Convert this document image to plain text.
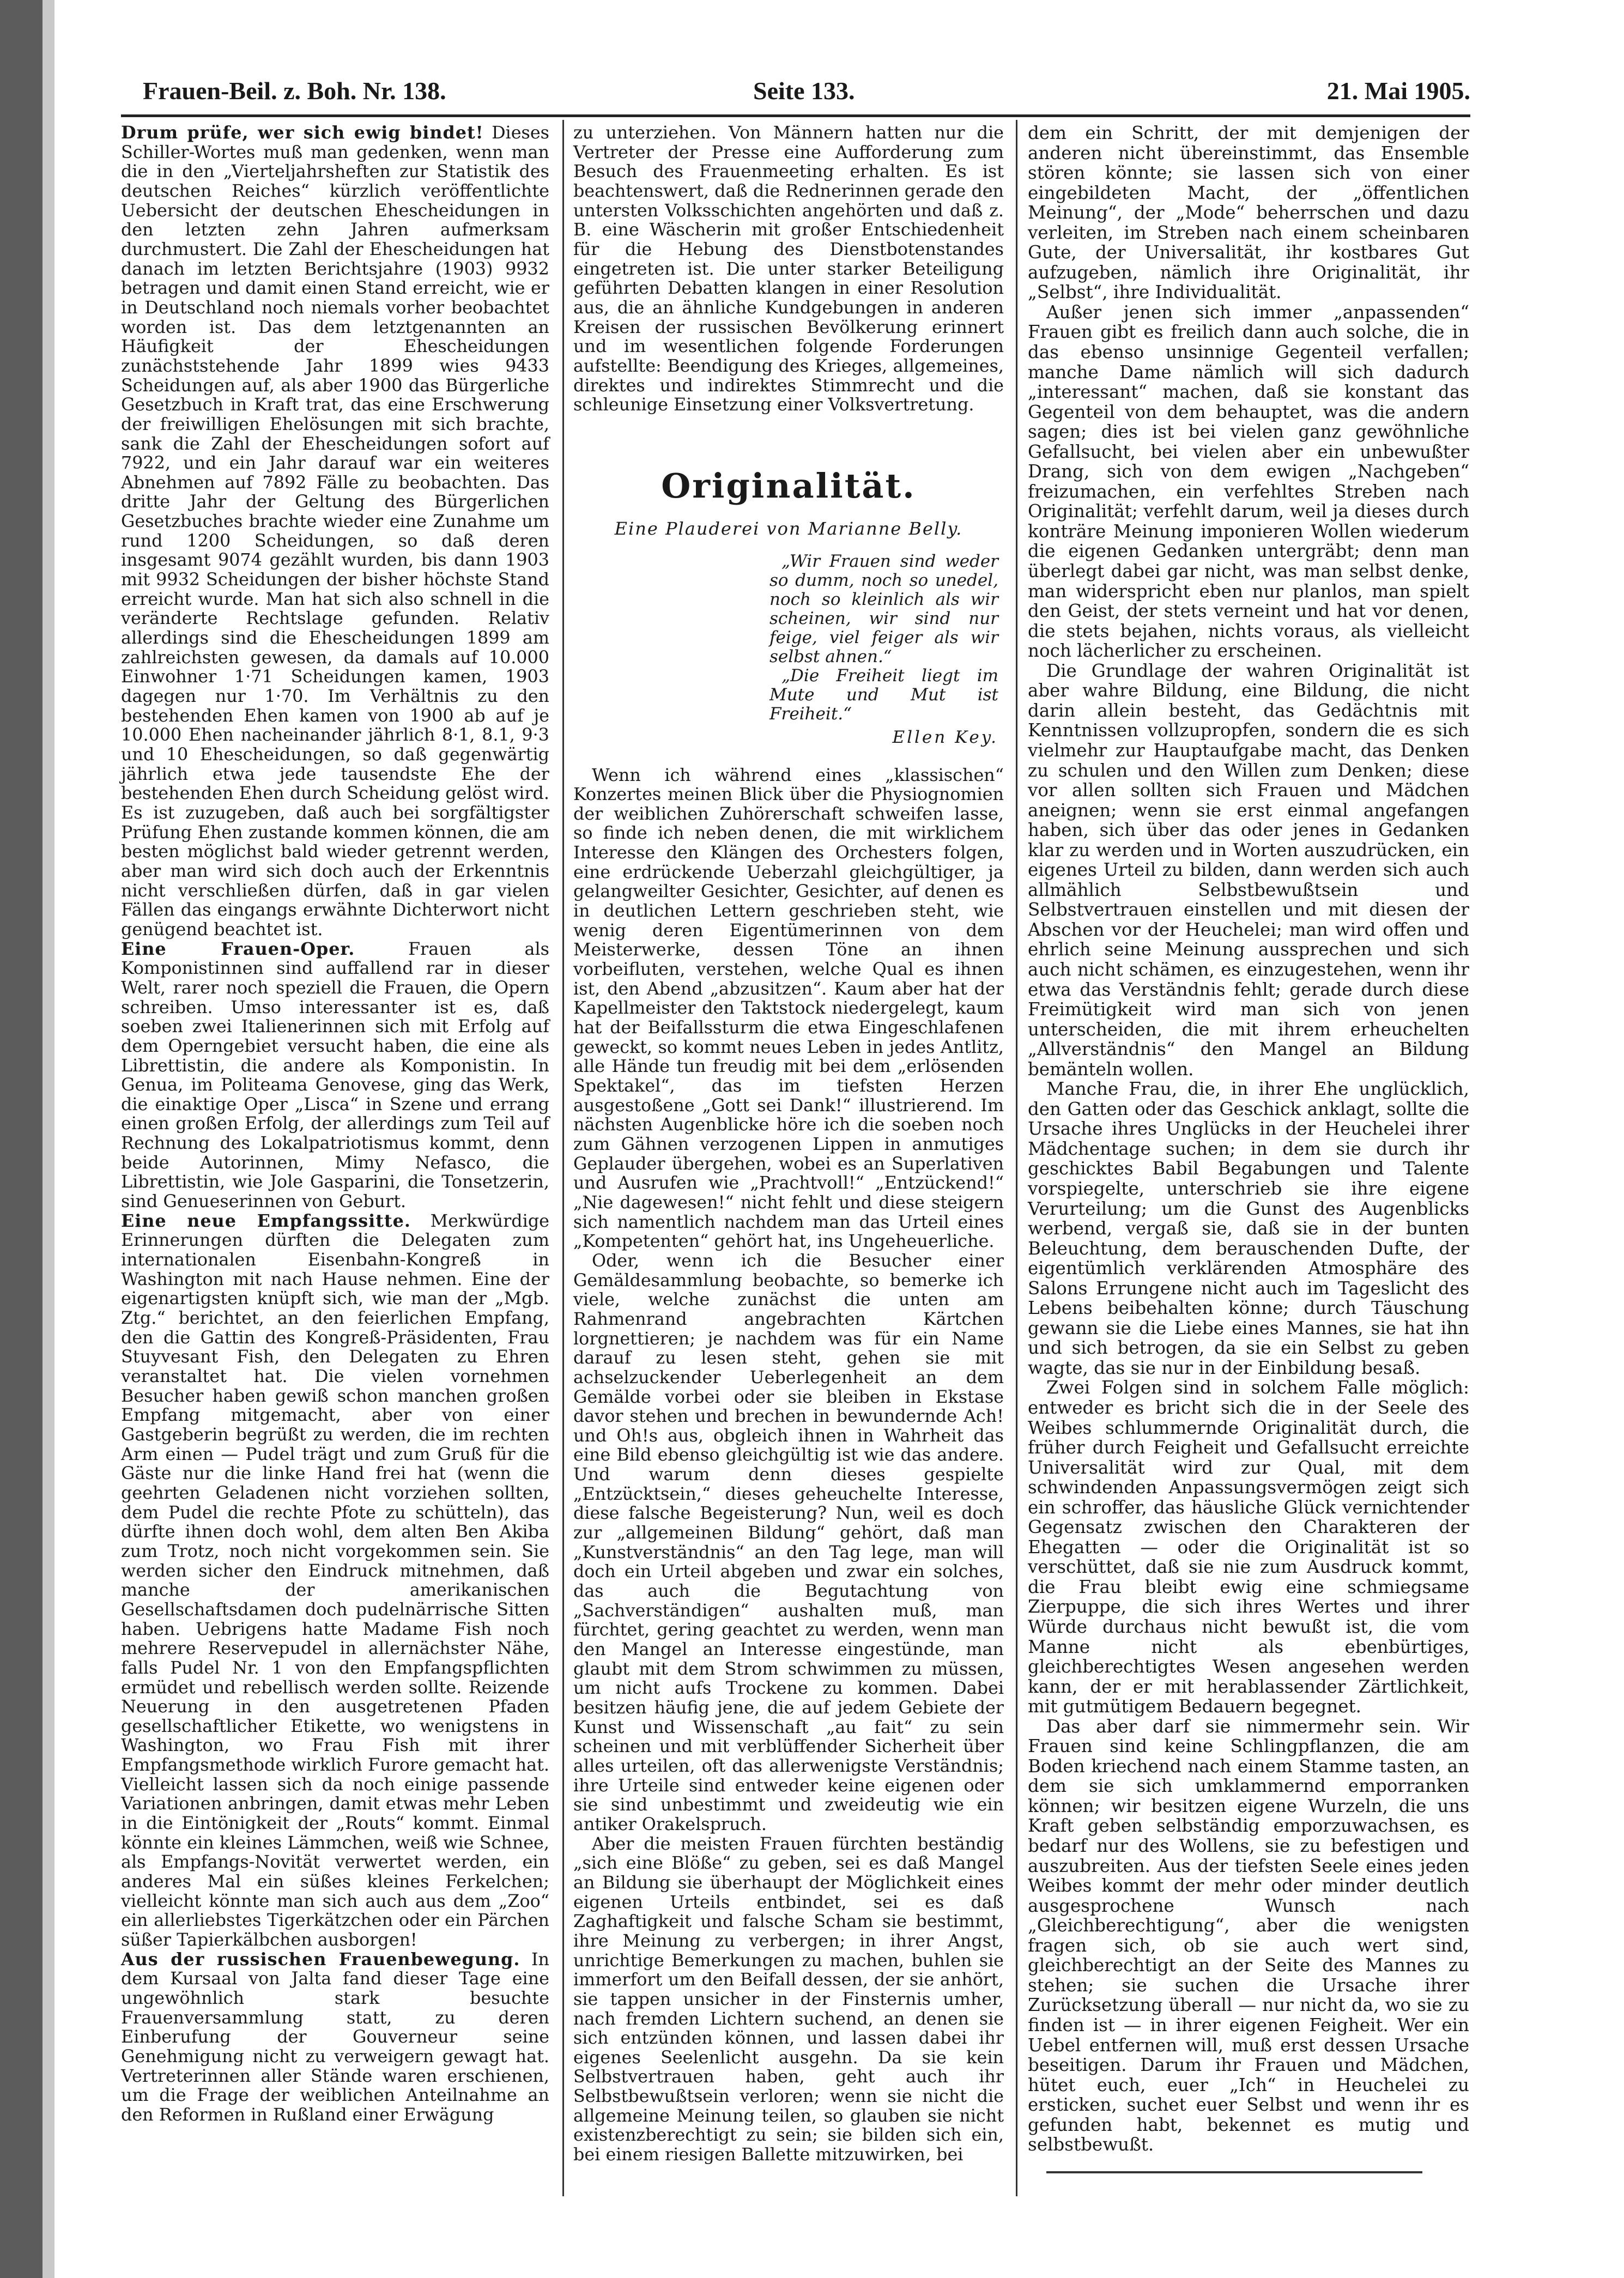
Frauen-Beil. z. Boh. Nr. 138.	Seite 133.	21. Mai 1905.

Drum prüfe, wer sich ewig bindet! Dieses Schiller-Wortes muß man gedenken, wenn man die in den „Vierteljahrsheften zur Statistik des deutschen Reiches“ kürzlich veröffentlichte Uebersicht der deutschen Ehescheidungen in den letzten zehn Jahren aufmerksam durchmustert. Die Zahl der Ehescheidungen hat danach im letzten Berichtsjahre (1903) 9932 betragen und damit einen Stand erreicht, wie er in Deutschland noch niemals vorher beobachtet worden ist. Das dem letztgenannten an Häufigkeit der Ehescheidungen zunächststehende Jahr 1899 wies 9433 Scheidungen auf, als aber 1900 das Bürgerliche Gesetzbuch in Kraft trat, das eine Erschwerung der freiwilligen Ehelösungen mit sich brachte, sank die Zahl der Ehescheidungen sofort auf 7922, und ein Jahr darauf war ein weiteres Abnehmen auf 7892 Fälle zu beobachten. Das dritte Jahr der Geltung des Bürgerlichen Gesetzbuches brachte wieder eine Zunahme um rund 1200 Scheidungen, so daß deren insgesamt 9074 gezählt wurden, bis dann 1903 mit 9932 Scheidungen der bisher höchste Stand erreicht wurde. Man hat sich also schnell in die veränderte Rechtslage gefunden. Relativ allerdings sind die Ehescheidungen 1899 am zahlreichsten gewesen, da damals auf 10.000 Einwohner 1·71 Scheidungen kamen, 1903 dagegen nur 1·70. Im Verhältnis zu den bestehenden Ehen kamen von 1900 ab auf je 10.000 Ehen nacheinander jährlich 8·1, 8.1, 9·3 und 10 Ehescheidungen, so daß gegenwärtig jährlich etwa jede tausendste Ehe der bestehenden Ehen durch Scheidung gelöst wird. Es ist zuzugeben, daß auch bei sorgfältigster Prüfung Ehen zustande kommen können, die am besten möglichst bald wieder getrennt werden, aber man wird sich doch auch der Erkenntnis nicht verschließen dürfen, daß in gar vielen Fällen das eingangs erwähnte Dichterwort nicht genügend beachtet ist.

Eine Frauen-Oper.	Frauen als Komponistinnen sind auffallend rar in dieser Welt, rarer noch speziell die Frauen, die Opern schreiben. Umso interessanter ist es, daß soeben zwei Italienerinnen sich mit Erfolg auf dem Operngebiet versucht haben, die eine als Librettistin, die andere als Komponistin. In Genua, im Politeama Genovese, ging das Werk, die einaktige Oper „Lisca“ in Szene und errang einen großen Erfolg, der allerdings zum Teil auf Rechnung des Lokalpatriotismus kommt, denn beide Autorinnen, Mimy Nefasco, die Librettistin, wie Jole Gasparini, die Tonsetzerin, sind Genueserinnen von Geburt.

Eine neue Empfangssitte. Merkwürdige Erinnerungen dürften die Delegaten zum internationalen Eisenbahn-Kongreß in Washington mit nach Hause nehmen. Eine der eigenartigsten knüpft sich, wie man der „Mgb. Ztg.“ berichtet, an den feierlichen Empfang, den die Gattin des Kongreß-Präsidenten, Frau Stuyvesant Fish, den Delegaten zu Ehren veranstaltet hat. Die vielen vornehmen Besucher haben gewiß schon manchen großen Empfang mitgemacht, aber von einer Gastgeberin begrüßt zu werden, die im rechten Arm einen — Pudel trägt und zum Gruß für die Gäste nur die linke Hand frei hat (wenn die geehrten Geladenen nicht vorziehen sollten, dem Pudel die rechte Pfote zu schütteln), das dürfte ihnen doch wohl, dem alten Ben Akiba zum Trotz, noch nicht vorgekommen sein. Sie werden sicher den Eindruck mitnehmen, daß manche der amerikanischen Gesellschaftsdamen doch pudelnärrische Sitten haben. Uebrigens hatte Madame Fish noch mehrere Reservepudel in allernächster Nähe, falls Pudel Nr. 1 von den Empfangspflichten ermüdet und rebellisch werden sollte. Reizende Neuerung in den ausgetretenen Pfaden gesellschaftlicher Etikette, wo wenigstens in Washington, wo Frau Fish mit ihrer Empfangsmethode wirklich Furore gemacht hat. Vielleicht lassen sich da noch einige passende Variationen anbringen, damit etwas mehr Leben in die Eintönigkeit der „Routs“ kommt. Einmal könnte ein kleines Lämmchen, weiß wie Schnee, als Empfangs-Novität verwertet werden, ein anderes Mal ein süßes kleines Ferkelchen; vielleicht könnte man sich auch aus dem „Zoo“ ein allerliebstes Tigerkätzchen oder ein Pärchen süßer Tapierkälbchen ausborgen!

Aus der russischen Frauenbewegung. In dem Kursaal von Jalta fand dieser Tage eine ungewöhnlich stark besuchte Frauenversammlung statt, zu deren Einberufung der Gouverneur seine Genehmigung nicht zu verweigern gewagt hat. Vertreterinnen aller Stände waren erschienen, um die Frage der weiblichen Anteilnahme an den Reformen in Rußland einer Erwägung

zu unterziehen. Von Männern hatten nur die Vertreter der Presse eine Aufforderung zum Besuch des Frauenmeeting erhalten. Es ist beachtenswert, daß die Rednerinnen gerade den untersten Volksschichten angehörten und daß z. B. eine Wäscherin mit großer Entschiedenheit für die Hebung des Dienstbotenstandes eingetreten ist. Die unter starker Beteiligung geführten Debatten klangen in einer Resolution aus, die an ähnliche Kundgebungen in anderen Kreisen der russischen Bevölkerung erinnert und im wesentlichen folgende Forderungen aufstellte: Beendigung des Krieges, allgemeines, direktes und indirektes Stimmrecht und die schleunige Einsetzung einer Volksvertretung.

Originalität.
Eine Plauderei von Marianne Belly.

„Wir Frauen sind weder so dumm, noch so unedel, noch so kleinlich als wir scheinen, wir sind nur feige, viel feiger als wir selbst ahnen.“

„Die Freiheit liegt im Mute und Mut ist Freiheit.“

Ellen Key.

Wenn ich während eines „klassischen“ Konzertes meinen Blick über die Physiognomien der weiblichen Zuhörerschaft schweifen lasse, so finde ich neben denen, die mit wirklichem Interesse den Klängen des Orchesters folgen, eine erdrückende Ueberzahl gleichgültiger, ja gelangweilter Gesichter, Gesichter, auf denen es in deutlichen Lettern geschrieben steht, wie wenig deren Eigentümerinnen von dem Meisterwerke, dessen Töne an ihnen vorbeifluten, verstehen, welche Qual es ihnen ist, den Abend „abzusitzen“. Kaum aber hat der Kapellmeister den Taktstock niedergelegt, kaum hat der Beifallssturm die etwa Eingeschlafenen geweckt, so kommt neues Leben in jedes Antlitz, alle Hände tun freudig mit bei dem „erlösenden Spektakel“, das im tiefsten Herzen ausgestoßene „Gott sei Dank!“ illustrierend. Im nächsten Augenblicke höre ich die soeben noch zum Gähnen verzogenen Lippen in anmutiges Geplauder übergehen, wobei es an Superlativen und Ausrufen wie „Prachtvoll!“ „Entzückend!“ „Nie dagewesen!“ nicht fehlt und diese steigern sich namentlich nachdem man das Urteil eines „Kompetenten“ gehört hat, ins Ungeheuerliche.

Oder, wenn ich die Besucher einer Gemäldesammlung beobachte, so bemerke ich viele, welche zunächst die unten am Rahmenrand angebrachten Kärtchen lorgnettieren; je nachdem was für ein Name darauf zu lesen steht, gehen sie mit achselzuckender Ueberlegenheit an dem Gemälde vorbei oder sie bleiben in Ekstase davor stehen und brechen in bewundernde Ach! und Oh!s aus, obgleich ihnen in Wahrheit das eine Bild ebenso gleichgültig ist wie das andere. Und warum denn dieses gespielte „Entzücktsein,“ dieses geheuchelte Interesse, diese falsche Begeisterung? Nun, weil es doch zur „allgemeinen Bildung“ gehört, daß man „Kunstverständnis“ an den Tag lege, man will doch ein Urteil abgeben und zwar ein solches, das auch die Begutachtung von „Sachverständigen“ aushalten muß, man fürchtet, gering geachtet zu werden, wenn man den Mangel an Interesse eingestünde, man glaubt mit dem Strom schwimmen zu müssen, um nicht aufs Trockene zu kommen. Dabei besitzen häufig jene, die auf jedem Gebiete der Kunst und Wissenschaft „au fait“ zu sein scheinen und mit verblüffender Sicherheit über alles urteilen, oft das allerwenigste Verständnis; ihre Urteile sind entweder keine eigenen oder sie sind unbestimmt und zweideutig wie ein antiker Orakelspruch.

Aber die meisten Frauen fürchten beständig „sich eine Blöße“ zu geben, sei es daß Mangel an Bildung sie überhaupt der Möglichkeit eines eigenen Urteils entbindet, sei es daß Zaghaftigkeit und falsche Scham sie bestimmt, ihre Meinung zu verbergen; in ihrer Angst, unrichtige Bemerkungen zu machen, buhlen sie immerfort um den Beifall dessen, der sie anhört, sie tappen unsicher in der Finsternis umher, nach fremden Lichtern suchend, an denen sie sich entzünden können, und lassen dabei ihr eigenes Seelenlicht ausgehn. Da sie kein Selbstvertrauen haben, geht auch ihr Selbstbewußtsein verloren; wenn sie nicht die allgemeine Meinung teilen, so glauben sie nicht existenzberechtigt zu sein; sie bilden sich ein, bei einem riesigen Ballette mitzuwirken, bei

dem ein Schritt, der mit demjenigen der anderen nicht übereinstimmt, das Ensemble stören könnte; sie lassen sich von einer eingebildeten Macht, der „öffentlichen Meinung“, der „Mode“ beherrschen und dazu verleiten, im Streben nach einem scheinbaren Gute, der Universalität, ihr kostbares Gut aufzugeben, nämlich ihre Originalität, ihr „Selbst“, ihre Individualität.

Außer jenen sich immer „anpassenden“ Frauen gibt es freilich dann auch solche, die in das ebenso unsinnige Gegenteil verfallen; manche Dame nämlich will sich dadurch „interessant“ machen, daß sie konstant das Gegenteil von dem behauptet, was die andern sagen; dies ist bei vielen ganz gewöhnliche Gefallsucht, bei vielen aber ein unbewußter Drang, sich von dem ewigen „Nachgeben“ freizumachen, ein verfehltes Streben nach Originalität; verfehlt darum, weil ja dieses durch konträre Meinung imponieren Wollen wiederum die eigenen Gedanken untergräbt; denn man überlegt dabei gar nicht, was man selbst denke, man widerspricht eben nur planlos, man spielt den Geist, der stets verneint und hat vor denen, die stets bejahen, nichts voraus, als vielleicht noch lächerlicher zu erscheinen.

Die Grundlage der wahren Originalität ist aber wahre Bildung, eine Bildung, die nicht darin allein besteht, das Gedächtnis mit Kenntnissen vollzupropfen, sondern die es sich vielmehr zur Hauptaufgabe macht, das Denken zu schulen und den Willen zum Denken; diese vor allen sollten sich Frauen und Mädchen aneignen; wenn sie erst einmal angefangen haben, sich über das oder jenes in Gedanken klar zu werden und in Worten auszudrücken, ein eigenes Urteil zu bilden, dann werden sich auch allmählich Selbstbewußtsein und Selbstvertrauen einstellen und mit diesen der Abschen vor der Heuchelei; man wird offen und ehrlich seine Meinung aussprechen und sich auch nicht schämen, es einzugestehen, wenn ihr etwa das Verständnis fehlt; gerade durch diese Freimütigkeit wird man sich von jenen unterscheiden, die mit ihrem erheuchelten „Allverständnis“ den Mangel an Bildung bemänteln wollen.

Manche Frau, die, in ihrer Ehe unglücklich, den Gatten oder das Geschick anklagt, sollte die Ursache ihres Unglücks in der Heuchelei ihrer Mädchentage suchen; in dem sie durch ihr geschicktes Babil Begabungen und Talente vorspiegelte, unterschrieb sie ihre eigene Verurteilung; um die Gunst des Augenblicks werbend, vergaß sie, daß sie in der bunten Beleuchtung, dem berauschenden Dufte, der eigentümlich verklärenden Atmosphäre des Salons Errungene nicht auch im Tageslicht des Lebens beibehalten könne; durch Täuschung gewann sie die Liebe eines Mannes, sie hat ihn und sich betrogen, da sie ein Selbst zu geben wagte, das sie nur in der Einbildung besaß.

Zwei Folgen sind in solchem Falle möglich: entweder es bricht sich die in der Seele des Weibes schlummernde Originalität durch, die früher durch Feigheit und Gefallsucht erreichte Universalität wird zur Qual, mit dem schwindenden Anpassungsvermögen zeigt sich ein schroffer, das häusliche Glück vernichtender Gegensatz zwischen den Charakteren der Ehegatten — oder die Originalität ist so verschüttet, daß sie nie zum Ausdruck kommt, die Frau bleibt ewig eine schmiegsame Zierpuppe, die sich ihres Wertes und ihrer Würde durchaus nicht bewußt ist, die vom Manne nicht als ebenbürtiges, gleichberechtigtes Wesen angesehen werden kann, der er mit herablassender Zärtlichkeit, mit gutmütigem Bedauern begegnet.

Das aber darf sie nimmermehr sein. Wir Frauen sind keine Schlingpflanzen, die am Boden kriechend nach einem Stamme tasten, an dem sie sich umklammernd emporranken können; wir besitzen eigene Wurzeln, die uns Kraft geben selbständig emporzuwachsen, es bedarf nur des Wollens, sie zu befestigen und auszubreiten. Aus der tiefsten Seele eines jeden Weibes kommt der mehr oder minder deutlich ausgesprochene Wunsch nach „Gleichberechtigung“, aber die wenigsten fragen sich, ob sie auch wert sind, gleichberechtigt an der Seite des Mannes zu stehen; sie suchen die Ursache ihrer Zurücksetzung überall — nur nicht da, wo sie zu finden ist — in ihrer eigenen Feigheit. Wer ein Uebel entfernen will, muß erst dessen Ursache beseitigen. Darum ihr Frauen und Mädchen, hütet euch, euer „Ich“ in Heuchelei zu ersticken, suchet euer Selbst und wenn ihr es gefunden habt, bekennet es mutig und selbstbewußt.
